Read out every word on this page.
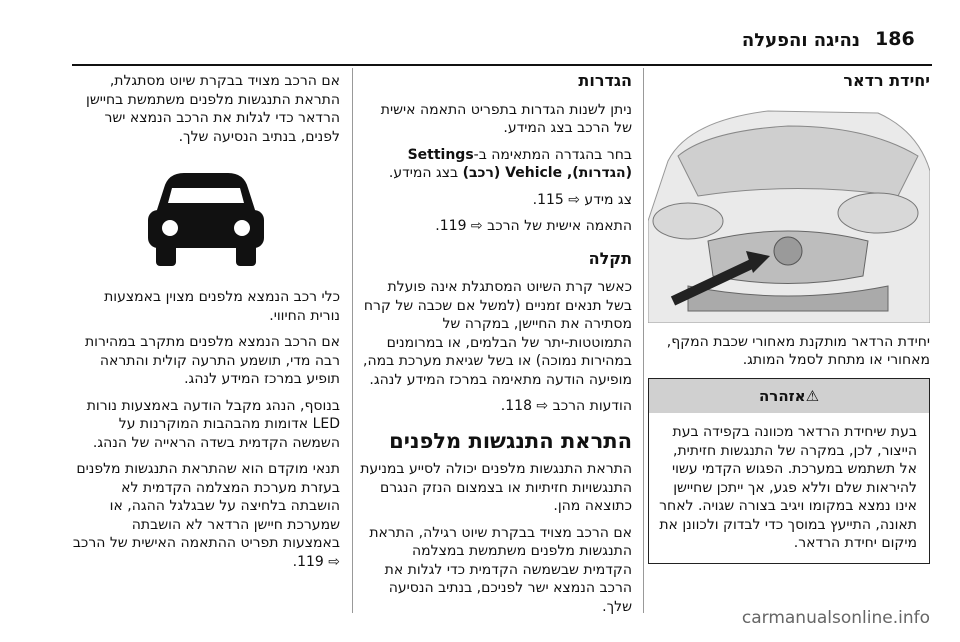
186
נהיגה והפעלה
יחידת רדאר

יחידת הרדאר מותקנת מאחורי שכבת המקף, מאחורי או מתחת לסמל המותג.

⚠אזהרה
בעת שיחידת הרדאר מכוונה בקפידה בעת הייצור, לכן, במקרה של התנגשות חזיתית, אל תשתמש במערכת. הפגוש הקדמי עשוי להיראות שלם וללא פגע, אך ייתכן שחיישן אינו נמצא במקומו ויגיב בצורה שגויה. לאחר תאונה, התייעץ במוסך כדי לבדוק ולכוונן את מיקום יחידת הרדאר.
הגדרות

ניתן לשנות הגדרות בתפריט התאמה אישית של הרכב בצג המידע.

בחר בהגדרה המתאימה ב-Settings (הגדרות), Vehicle (רכב) בצג המידע.

צג מידע ⇨ 115.

התאמה אישית של הרכב ⇨ 119.

תקלה

כאשר קרת השיוט המסתגלת אינה פועלת בשל תנאים זמניים (למשל אם שכבה של קרח מסתירה את החיישן, במקרה של התמוטטות-יתר של הבלמים, או במרומנים במהירות נמוכה) או בשל שגיאת מערכת במה, מופיעה הודעה מתאימה במרכז המידע לנהג.

הודעות הרכב ⇨ 118.

התראת התנגשות מלפנים

התראת התנגשות מלפנים יכולה לסייע במניעת התנגשויות חזיתיות או בצמצום הנזק הנגרם כתוצאה מהן.

אם הרכב מצויד בבקרת שיוט רגילה, התראת התנגשות מלפנים משתמשת במצלמה הקדמית שבשמשה הקדמית כדי לגלות את הרכב הנמצא ישר לפניכם, בנתיב הנסיעה שלך.

אם הרכב מצויד בבקרת שיוט מסתגלת, התראת התנגשות מלפנים משתמשת בחיישן הרדאר כדי לגלות את הרכב הנמצא ישר לפנים, בנתיב הנסיעה שלך.

כלי רכב הנמצא מלפנים מצוין באמצעות נורית החיווי.

אם הרכב הנמצא מלפנים מתקרב במהירות רבה מדי, תושמע התרעה קולית והתראה תופיע במרכז המידע לנהג.

בנוסף, הנהג מקבל הודעה באמצעות נורות LED אדומות מהבהבות המוקרנות על השמשה הקדמית בשדה הראייה של הנהג.

תנאי מוקדם הוא שהתראת התנגשות מלפנים בעזרת מערכת המצלמה הקדמית לא הושבתה בלחיצה על שבגלגל ההגה, או שמערכת חיישן הרדאר לא הושבתה באמצעות תפריט ההתאמה האישית של הרכב ⇨ 119.

carmanualsonline.info
